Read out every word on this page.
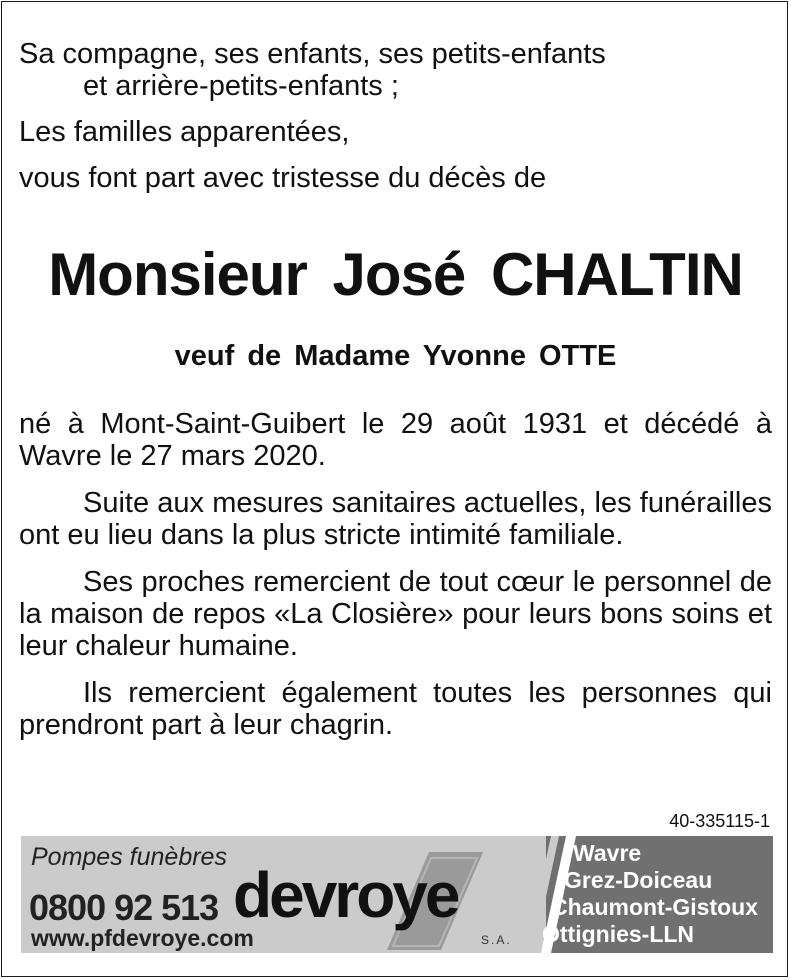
Sa compagne, ses enfants, ses petits-enfants
et arrière-petits-enfants ;
Les familles apparentées,
vous font part avec tristesse du décès de
Monsieur José CHALTIN
veuf de Madame Yvonne OTTE

né à Mont-Saint-Guibert le 29 août 1931 et décédé à Wavre le 27 mars 2020.

Suite aux mesures sanitaires actuelles, les funérailles ont eu lieu dans la plus stricte intimité familiale.

Ses proches remercient de tout cœur le personnel de la maison de repos «La Closière» pour leurs bons soins et leur chaleur humaine.

Ils remercient également toutes les personnes qui prendront part à leur chagrin.

40-335115-1
Pompes funèbres
0800 92 513
www.pfdevroye.com
devroye
S.A.
Wavre
Grez-Doiceau
Chaumont-Gistoux
Ottignies-LLN
